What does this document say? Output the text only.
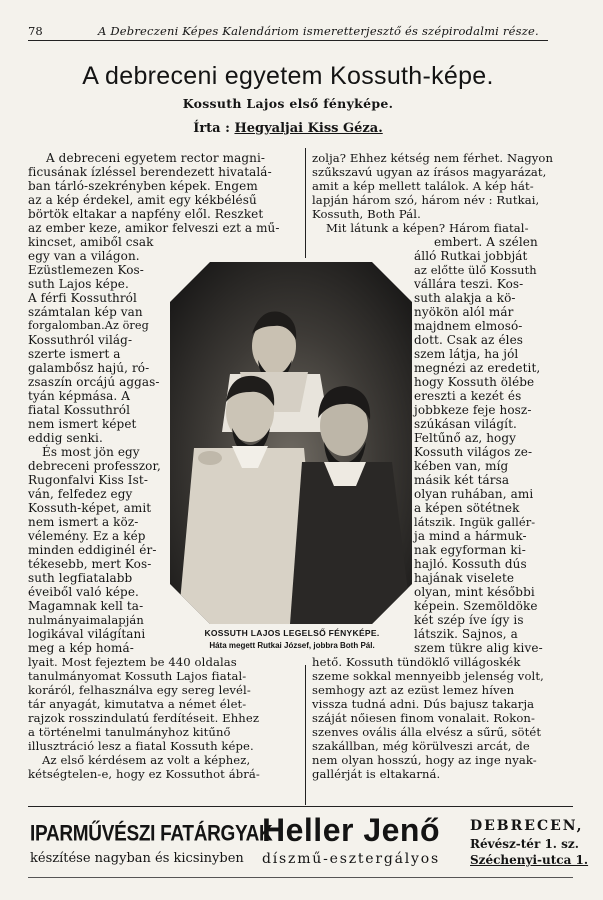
78	A Debreczeni Képes Kalendáriom ismeretterjesztő és szépirodalmi része.
A debreceni egyetem Kossuth-képe.
Kossuth Lajos első fényképe.
Írta : Hegyaljai Kiss Géza.
A debreceni egyetem rector magni-
ficusának ízléssel berendezett hivatalá-
ban tárló-szekrényben képek. Engem
az a kép érdekel, amit egy kékbélésű
börtök eltakar a napfény elől. Reszket
az ember keze, amikor felveszi ezt a mű-
kincset, amiből csak
egy van a világon.
Ezüstlemezen Kos-
suth Lajos képe.
A férfi Kossuthról
számtalan kép van
forgalomban.Az öreg
Kossuthról világ-
szerte ismert a
galambősz hajú, ró-
zsaszín orcájú aggas-
tyán képmása. A
fiatal Kossuthról
nem ismert képet
eddig senki.
És most jön egy
debreceni professzor,
Rugonfalvi Kiss Ist-
ván, felfedez egy
Kossuth-képet, amit
nem ismert a köz-
vélemény. Ez a kép
minden eddiginél ér-
tékesebb, mert Kos-
suth legfiatalabb
éveiből való képe.
Magamnak kell ta-
nulmányaimalapján
logikával világítani
meg a kép homá-
lyait. Most fejeztem be 440 oldalas
tanulmányomat Kossuth Lajos fiatal-
koráról, felhasználva egy sereg levél-
tár anyagát, kimutatva a német élet-
rajzok rosszindulatú ferdítéseit. Ehhez
a történelmi tanulmányhoz kitűnő
illusztráció lesz a fiatal Kossuth képe.
Az első kérdésem az volt a képhez,
kétségtelen-e, hogy ez Kossuthot ábrá-
zolja? Ehhez kétség nem férhet. Nagyon
szűkszavú ugyan az írásos magyarázat,
amit a kép mellett találok. A kép hát-
lapján három szó, három név : Rutkai,
Kossuth, Both Pál.
Mit látunk a képen? Három fiatal-
embert. A szélen
álló Rutkai jobbját
az előtte ülő Kossuth
vállára teszi. Kos-
suth alakja a kö-
nyökön alól már
majdnem elmosó-
dott. Csak az éles
szem látja, ha jól
megnézi az eredetit,
hogy Kossuth ölébe
ereszti a kezét és
jobbkeze feje hosz-
szúkásan világít.
Feltűnő az, hogy
Kossuth világos ze-
kében van, míg
másik két társa
olyan ruhában, ami
a képen sötétnek
látszik. Ingük gallér-
ja mind a hármuk-
nak egyforman ki-
hajló. Kossuth dús
hajának viselete
olyan, mint későbbi
képein. Szemöldöke
két szép íve így is
látszik. Sajnos, a
szem tükre alig kive-
hető. Kossuth tündöklő villágoskék
szeme sokkal mennyeibb jelenség volt,
semhogy azt az ezüst lemez híven
vissza tudná adni. Dús bajusz takarja
száját nőiesen finom vonalait. Rokon-
szenves ovális álla elvész a sűrű, sötét
szakállban, még körülveszi arcát, de
nem olyan hosszú, hogy az inge nyak-
gallérját is eltakarná.
KOSSUTH LAJOS LEGELSŐ FÉNYKÉPE.
Háta megett Rutkai József, jobbra Both Pál.
IPARMŰVÉSZI FATÁRGYAK
készítése nagyban és kicsinyben
Heller Jenő
díszmű-esztergályos
DEBRECEN,
Révész-tér 1. sz.
Széchenyi-utca 1.
